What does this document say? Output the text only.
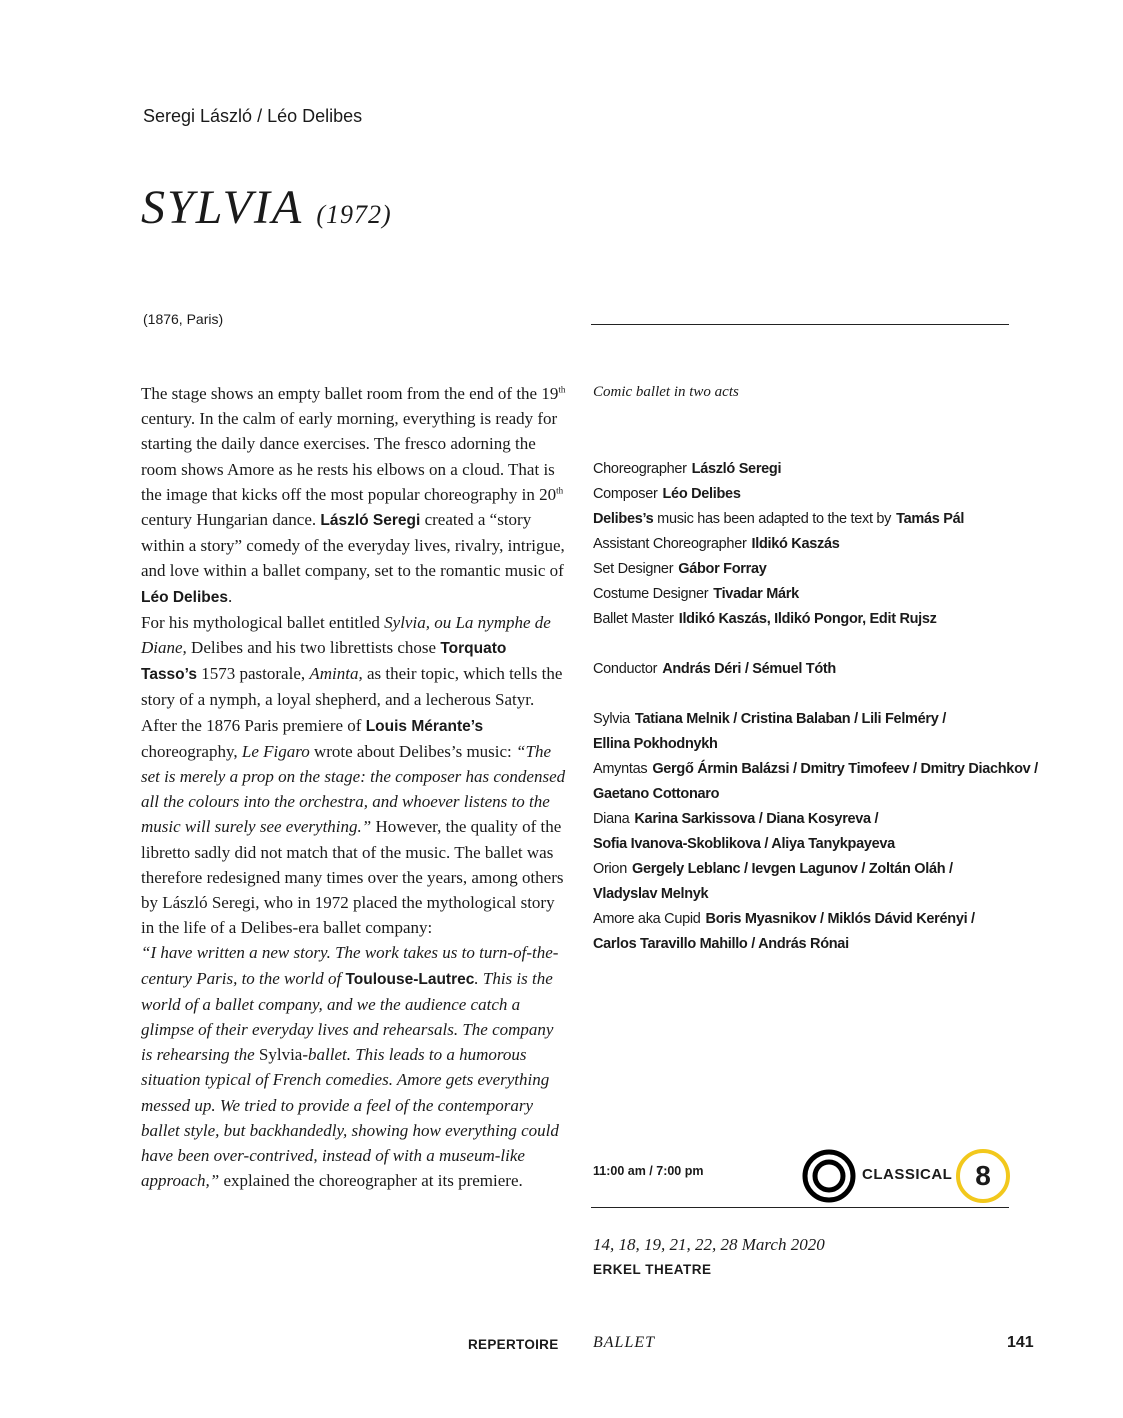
Seregi László / Léo Delibes
SYLVIA (1972)
(1876, Paris)

The stage shows an empty ballet room from the end of the 19th century. In the calm of early morning, everything is ready for starting the daily dance exercises. The fresco adorning the room shows Amore as he rests his elbows on a cloud. That is the image that kicks off the most popular choreography in 20th century Hungarian dance. László Seregi created a “story within a story” comedy of the everyday lives, rivalry, intrigue, and love within a ballet company, set to the romantic music of Léo Delibes.

For his mythological ballet entitled Sylvia, ou La nymphe de Diane, Delibes and his two librettists chose Torquato Tasso’s 1573 pastorale, Aminta, as their topic, which tells the story of a nymph, a loyal shepherd, and a lecherous Satyr. After the 1876 Paris premiere of Louis Mérante’s choreography, Le Figaro wrote about Delibes’s music: “The set is merely a prop on the stage: the composer has condensed all the colours into the orchestra, and whoever listens to the music will surely see everything.” However, the quality of the libretto sadly did not match that of the music. The ballet was therefore redesigned many times over the years, among others by László Seregi, who in 1972 placed the mythological story in the life of a Delibes-era ballet company:

“I have written a new story. The work takes us to turn-of-the-century Paris, to the world of Toulouse-Lautrec. This is the world of a ballet company, and we the audience catch a glimpse of their everyday lives and rehearsals. The company is rehearsing the Sylvia-ballet. This leads to a humorous situation typical of French comedies. Amore gets everything messed up. We tried to provide a feel of the contemporary ballet style, but backhandedly, showing how everything could have been over-contrived, instead of with a museum-like approach,” explained the choreographer at its premiere.

Comic ballet in two acts
Choreographer László Seregi
Composer Léo Delibes
Delibes’s music has been adapted to the text by Tamás Pál
Assistant Choreographer Ildikó Kaszás
Set Designer Gábor Forray
Costume Designer Tivadar Márk
Ballet Master Ildikó Kaszás, Ildikó Pongor, Edit Rujsz
Conductor András Déri / Sémuel Tóth
Sylvia Tatiana Melnik / Cristina Balaban / Lili Felméry /
Ellina Pokhodnykh
Amyntas Gergő Ármin Balázsi / Dmitry Timofeev / Dmitry Diachkov /
Gaetano Cottonaro
Diana Karina Sarkissova / Diana Kosyreva /
Sofia Ivanova-Skoblikova / Aliya Tanykpayeva
Orion Gergely Leblanc / Ievgen Lagunov / Zoltán Oláh /
Vladyslav Melnyk
Amore aka Cupid Boris Myasnikov / Miklós Dávid Kerényi /
Carlos Taravillo Mahillo / András Rónai
11:00 am / 7:00 pm	CLASSICAL 8
14, 18, 19, 21, 22, 28 March 2020
ERKEL THEATRE
REPERTOIRE BALLET	141
